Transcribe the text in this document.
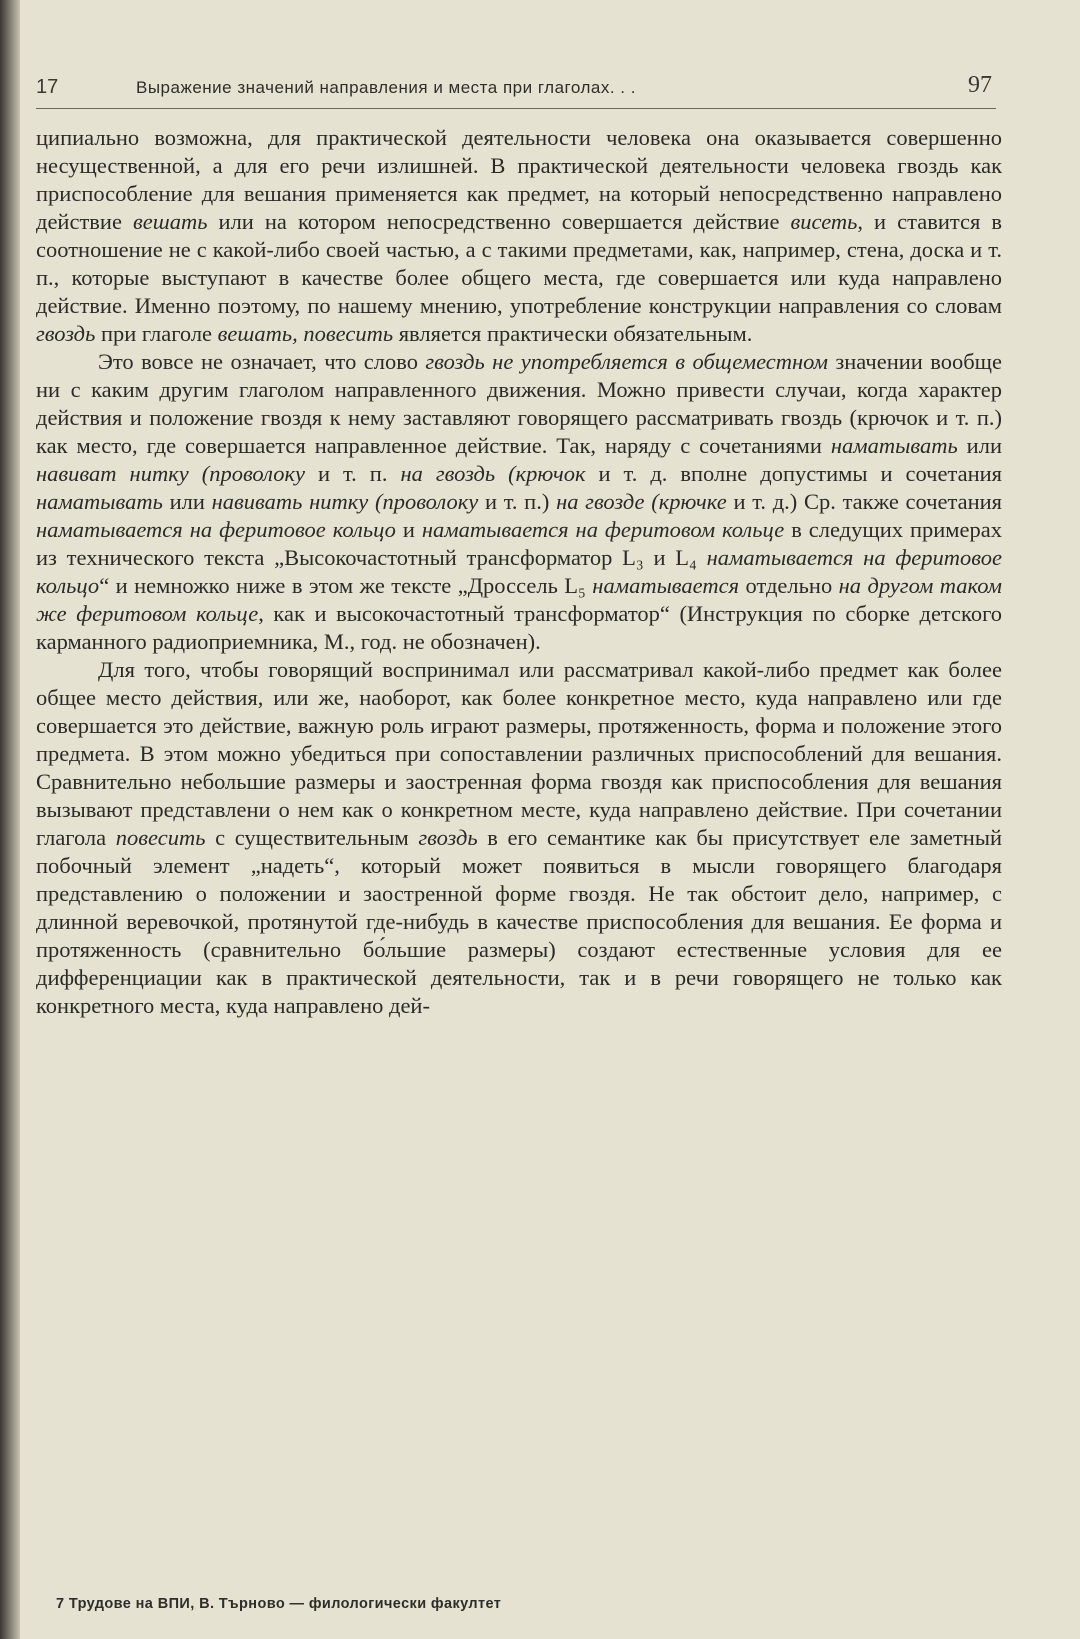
17	Выражение значений направления и места при глаголах. . .	97

ципиально возможна, для практической деятельности человека она оказывается совершенно несущественной, а для его речи излишней. В практической деятельности человека гвоздь как приспособление для вешания применяется как предмет, на который непосредственно направлено действие вешать или на котором непосредственно совершается действие висеть, и ставится в соотношение не с какой-либо своей частью, а с такими предметами, как, например, стена, доска и т. п., которые выступают в качестве более общего места, где совершается или куда направлено действие. Именно поэтому, по нашему мнению, употребление конструкции направления со словам гвоздь при глаголе вешать, повесить является практически обязательным.

Это вовсе не означает, что слово гвоздь не употребляется в общеместном значении вообще ни с каким другим глаголом направленного движения. Можно привести случаи, когда характер действия и положение гвоздя к нему заставляют говорящего рассматривать гвоздь (крючок и т. п.) как место, где совершается направленное действие. Так, наряду с сочетаниями наматывать или навиват нитку (проволоку и т. п. на гвоздь (крючок и т. д. вполне допустимы и сочетания наматывать или навивать нитку (проволоку и т. п.) на гвозде (крючке и т. д.) Ср. также сочетания наматывается на феритовое кольцо и наматывается на феритовом кольце в следущих примерах из технического текста „Высокочастотный трансформатор L₃ и L₄ наматывается на феритовое кольцо“ и немножко ниже в этом же тексте „Дроссель L₅ наматывается отдельно на другом таком же феритовом кольце, как и высокочастотный трансформатор“ (Инструкция по сборке детского карманного радиоприемника, М., год. не обозначен).

Для того, чтобы говорящий воспринимал или рассматривал какой-либо предмет как более общее место действия, или же, наоборот, как более конкретное место, куда направлено или где совершается это действие, важную роль играют размеры, протяженность, форма и положение этого предмета. В этом можно убедиться при сопоставлении различных приспособлений для вешания. Сравнительно небольшие размеры и заостренная форма гвоздя как приспособления для вешания вызывают представлени о нем как о конкретном месте, куда направлено действие. При сочетании глагола повесить с существительным гвоздь в его семантике как бы присутствует еле заметный побочный элемент „надеть“, который может появиться в мысли говорящего благодаря представлению о положении и заостренной форме гвоздя. Не так обстоит дело, например, с длинной веревочкой, протянутой где-нибудь в качестве приспособления для вешания. Ее форма и протяженность (сравнительно бо́льшие размеры) создают естественные условия для ее дифференциации как в практической деятельности, так и в речи говорящего не только как конкретного места, куда направлено дей-

7 Трудове на ВПИ, В. Търново — филологически факултет
